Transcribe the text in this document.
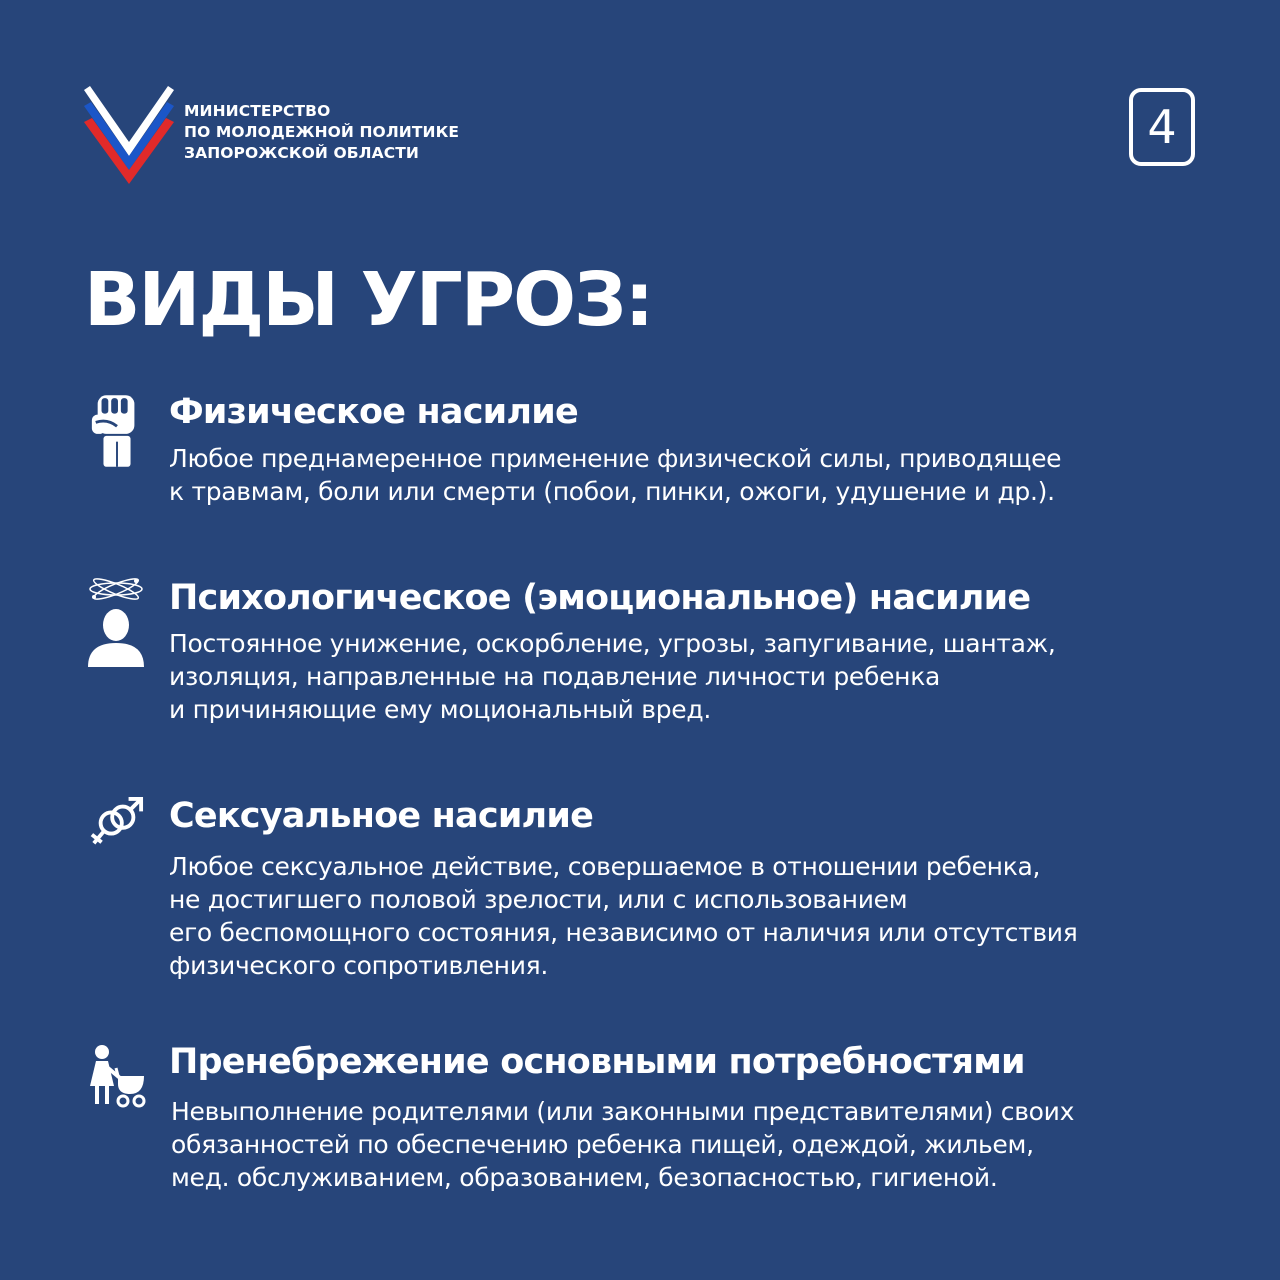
МИНИСТЕРСТВО
ПО МОЛОДЕЖНОЙ ПОЛИТИКЕ
ЗАПОРОЖСКОЙ ОБЛАСТИ	4
ВИДЫ УГРОЗ:
Физическое насилие
Любое преднамеренное применение физической силы, приводящее
к травмам, боли или смерти (побои, пинки, ожоги, удушение и др.).
Психологическое (эмоциональное) насилие
Постоянное унижение, оскорбление, угрозы, запугивание, шантаж,
изоляция, направленные на подавление личности ребенка
и причиняющие ему моциональный вред.
Сексуальное насилие
Любое сексуальное действие, совершаемое в отношении ребенка,
не достигшего половой зрелости, или с использованием
его беспомощного состояния, независимо от наличия или отсутствия
физического сопротивления.
Пренебрежение основными потребностями
Невыполнение родителями (или законными представителями) своих
обязанностей по обеспечению ребенка пищей, одеждой, жильем,
мед. обслуживанием, образованием, безопасностью, гигиеной.
